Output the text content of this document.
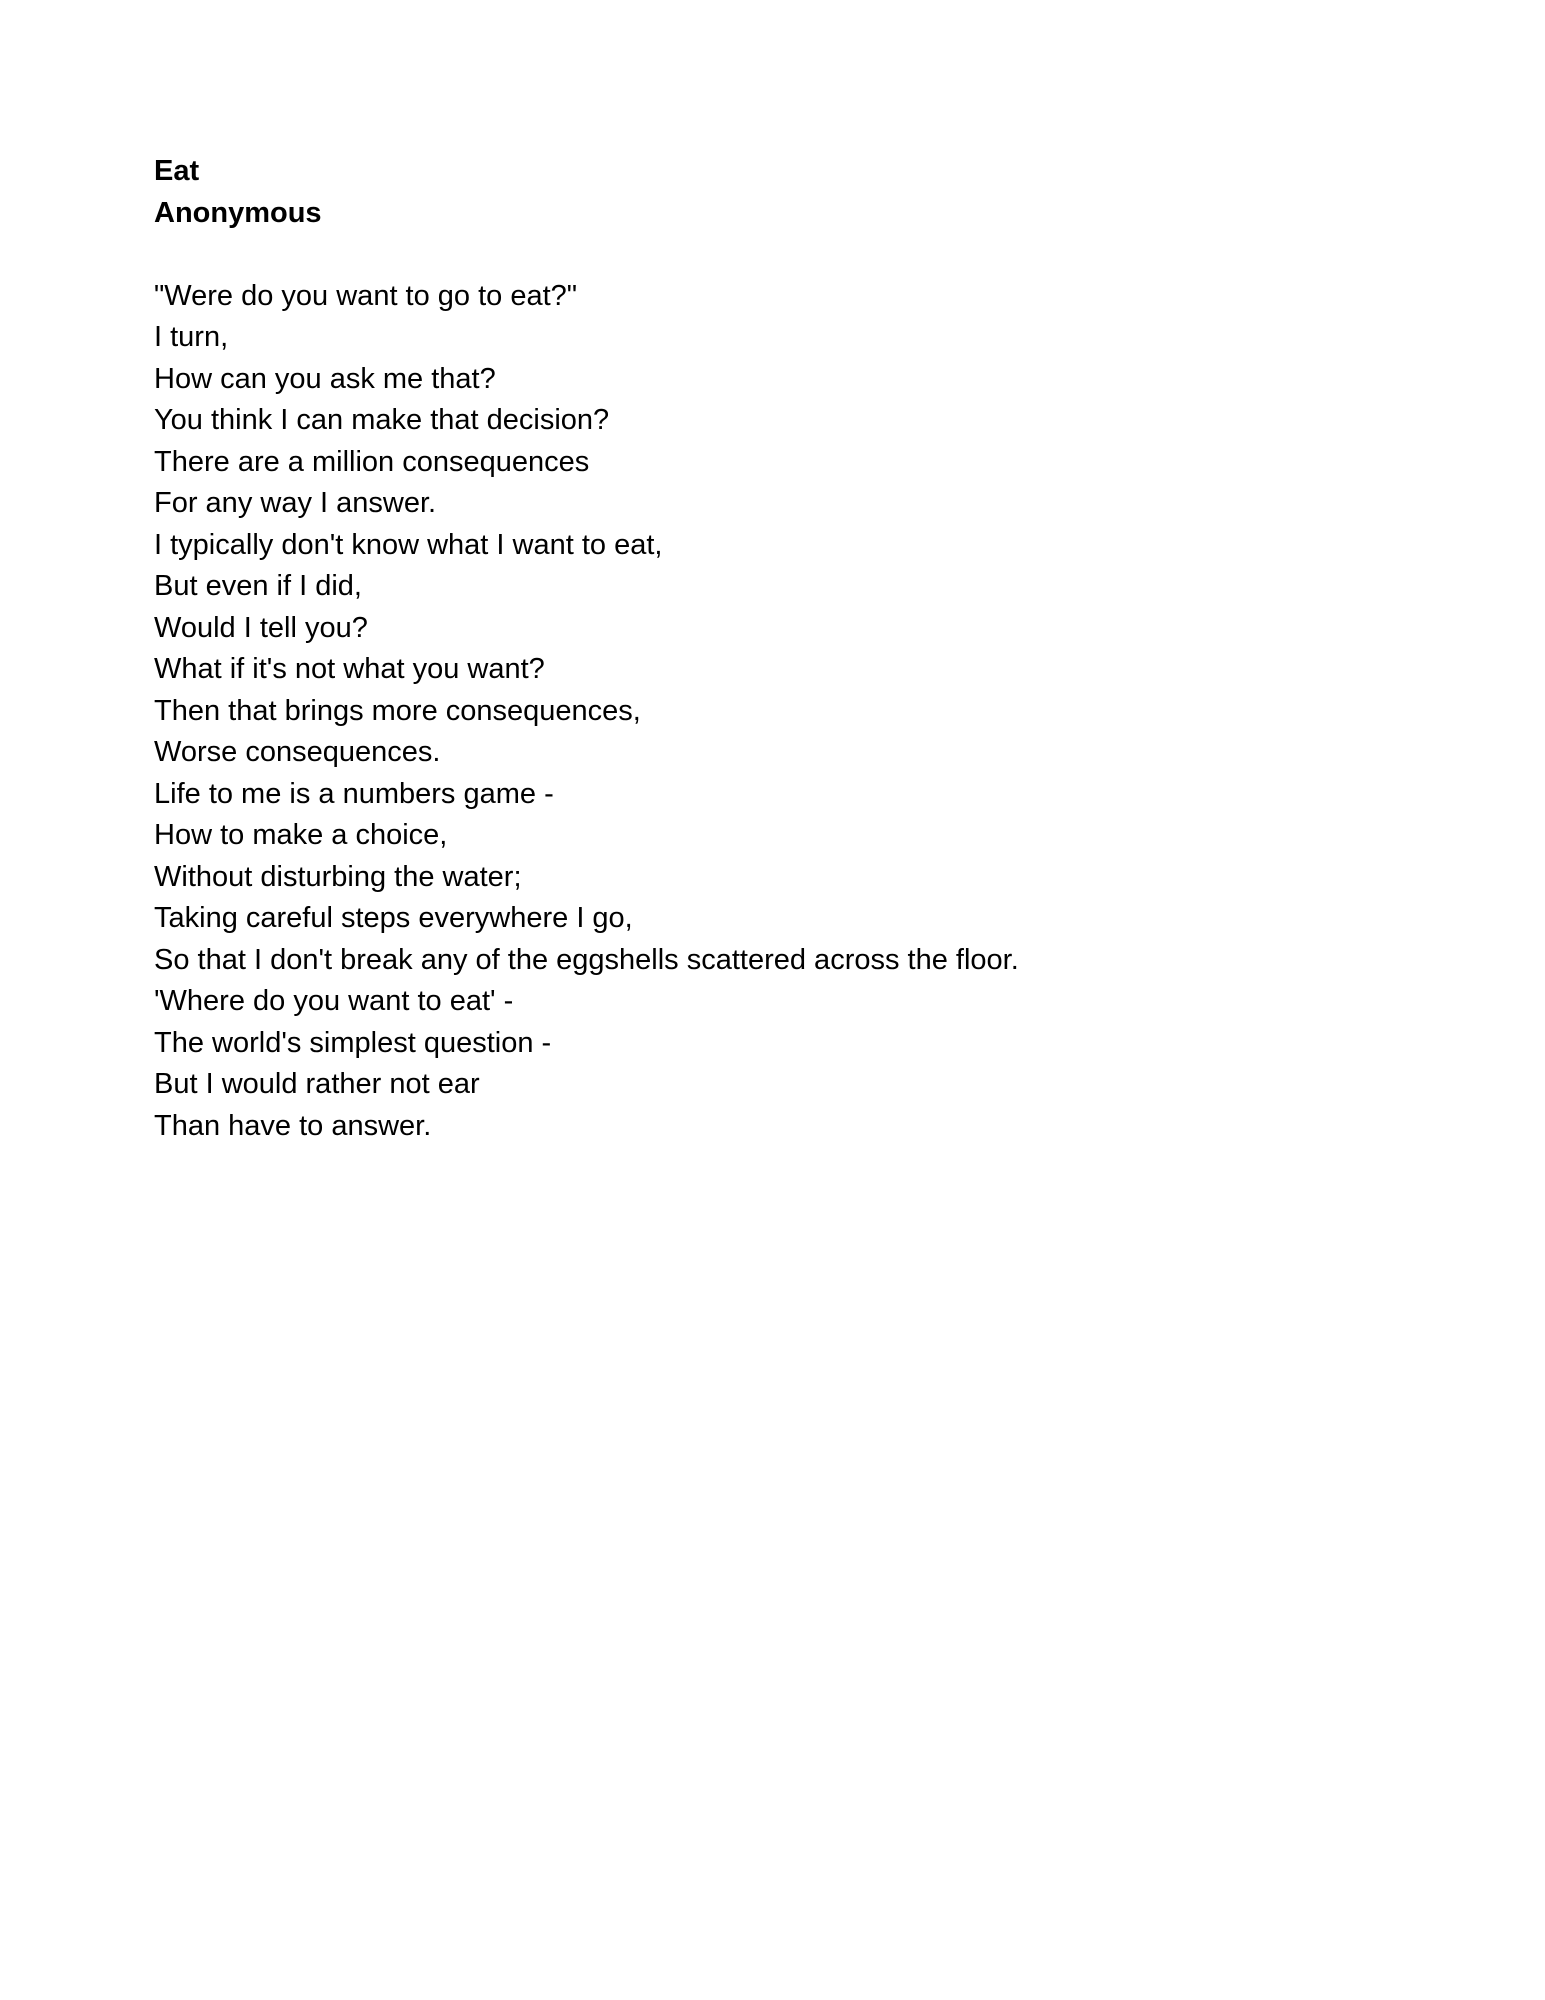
Eat
Anonymous
"Were do you want to go to eat?"
I turn,
How can you ask me that?
You think I can make that decision?
There are a million consequences
For any way I answer.
I typically don't know what I want to eat,
But even if I did,
Would I tell you?
What if it's not what you want?
Then that brings more consequences,
Worse consequences.
Life to me is a numbers game -
How to make a choice,
Without disturbing the water;
Taking careful steps everywhere I go,
So that I don't break any of the eggshells scattered across the floor.
'Where do you want to eat' -
The world's simplest question -
But I would rather not ear
Than have to answer.
